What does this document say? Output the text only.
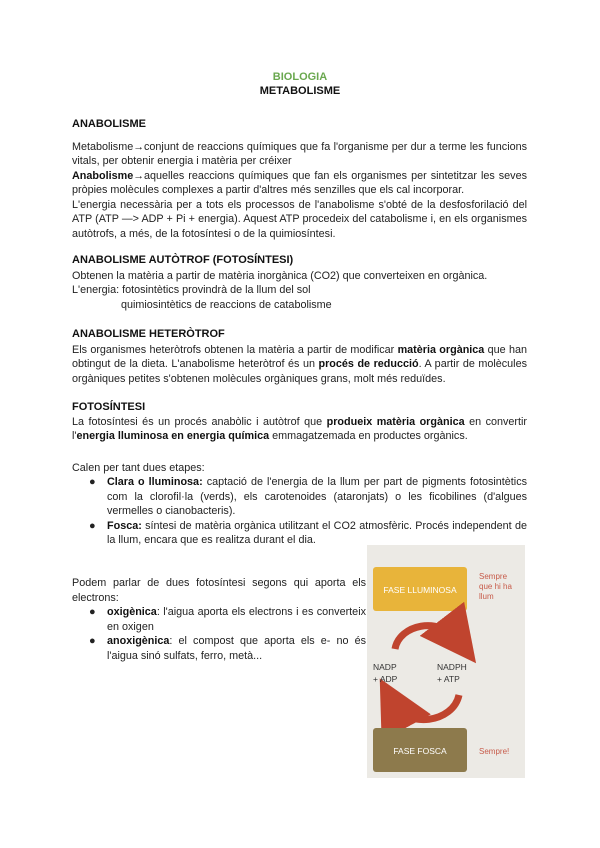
BIOLOGIA
METABOLISME
ANABOLISME

Metabolisme→conjunt de reaccions químiques que fa l'organisme per dur a terme les funcions vitals, per obtenir energia i matèria per créixer

Anabolisme→aquelles reaccions químiques que fan els organismes per sintetitzar les seves pròpies molècules complexes a partir d'altres més senzilles que els cal incorporar.

L'energia necessària per a tots els processos de l'anabolisme s'obté de la desfosforilació del ATP (ATP —> ADP + Pi + energia). Aquest ATP procedeix del catabolisme i, en els organismes autòtrofs, a més, de la fotosíntesi o de la quimiosíntesi.

ANABOLISME AUTÒTROF (FOTOSÍNTESI)

Obtenen la matèria a partir de matèria inorgànica (CO2) que converteixen en orgànica.

L'energia: fotosintètics provindrà de la llum del sol

quimiosintètics de reaccions de catabolisme

ANABOLISME HETERÒTROF

Els organismes heteròtrofs obtenen la matèria a partir de modificar matèria orgànica que han obtingut de la dieta. L'anabolisme heteròtrof és un procés de reducció. A partir de molècules orgàniques petites s'obtenen molècules orgàniques grans, molt més reduïdes.

FOTOSÍNTESI

La fotosíntesi és un procés anabòlic i autòtrof que produeix matèria orgànica en convertir l'energia lluminosa en energia química emmagatzemada en productes orgànics.

Calen per tant dues etapes:

● Clara o lluminosa: captació de l'energia de la llum per part de pigments fotosintètics com la clorofil·la (verds), els carotenoides (ataronjats) o les ficobilines (d'algues vermelles o cianobacteris).
● Fosca: síntesi de matèria orgànica utilitzant el CO2 atmosfèric. Procés independent de la llum, encara que es realitza durant el dia.

Podem parlar de dues fotosíntesi segons qui aporta els electrons:

● oxigènica: l'aigua aporta els electrons i es converteix en oxigen
● anoxigènica: el compost que aporta els e- no és l'aigua sinó sulfats, ferro, metà...
FASE LLUMINOSA
Sempre
que hi ha
llum
NADP
+ ADP
NADPH
+ ATP
FASE FOSCA	Sempre!
